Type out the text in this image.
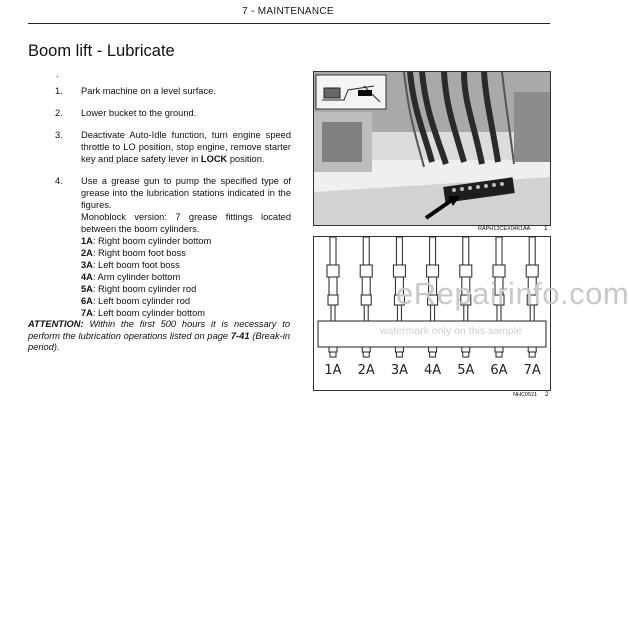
7 - MAINTENANCE
Boom lift - Lubricate
.
1. Park machine on a level surface.
2. Lower bucket to the ground.
3. Deactivate Auto-Idle function, turn engine speed throttle to LO position, stop engine, remove starter key and place safety lever in LOCK position.
4. Use a grease gun to pump the specified type of grease into the lubrication stations indicated in the figures.
Monoblock version: 7 grease fittings located between the boom cylinders.
1A: Right boom cylinder bottom
2A: Right boom foot boss
3A: Left boom foot boss
4A: Arm cylinder bottom
5A: Right boom cylinder rod
6A: Left boom cylinder rod
7A: Left boom cylinder bottom
ATTENTION: Within the first 500 hours it is necessary to perform the lubrication operations listed on page 7-41 (Break-in period).
RAPH12CEX0461AA 1
1A 2A 3A 4A 5A 6A 7A
NHC0521 2
eRepairinfo.com
watermark only on this sample
